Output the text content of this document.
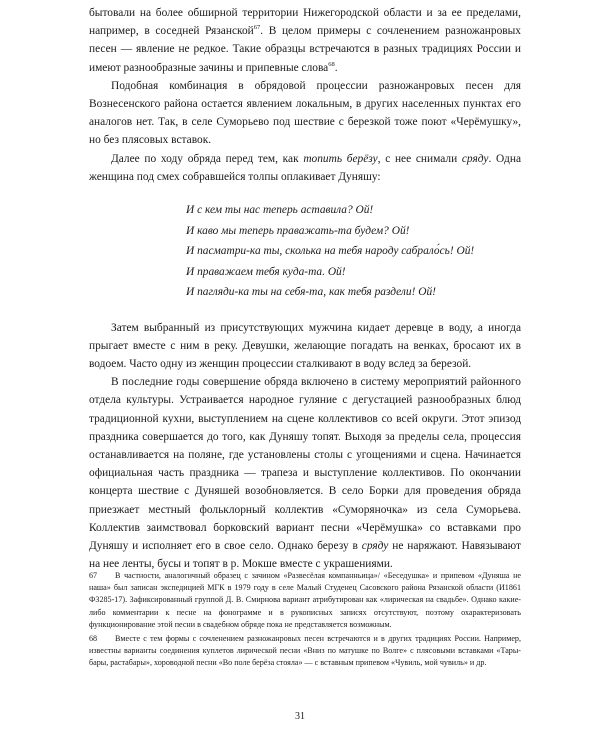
бытовали на более обширной территории Нижегородской области и за ее пределами, например, в соседней Рязанской$^{67}$. В целом примеры с сочленением разножанровых песен — явление не редкое. Такие образцы встречаются в разных традициях России и имеют разнообразные зачины и припевные слова$^{68}$.

Подобная комбинация в обрядовой процессии разножанровых песен для Вознесенского района остается явлением локальным, в других населенных пунктах его аналогов нет. Так, в селе Суморьево под шествие с березкой тоже поют «Черёмушку», но без плясовых вставок.

Далее по ходу обряда перед тем, как топить берёзу, с нее снимали сряду. Одна женщина под смех собравшейся толпы оплакивает Дуняшу:

И с кем ты нас теперь аставила? Ой!
И каво мы теперь праважать-та будем? Ой!
И пасматри-ка ты, сколька на тебя народу сабрало́сь! Ой!
И праважаем тебя куда-та. Ой!
И пагляди-ка ты на себя-та, как тебя раздели! Ой!

Затем выбранный из присутствующих мужчина кидает деревце в воду, а иногда прыгает вместе с ним в реку. Девушки, желающие погадать на венках, бросают их в водоем. Часто одну из женщин процессии сталкивают в воду вслед за березой.

В последние годы совершение обряда включено в систему мероприятий районного отдела культуры. Устраивается народное гуляние с дегустацией разнообразных блюд традиционной кухни, выступлением на сцене коллективов со всей округи. Этот эпизод праздника совершается до того, как Дуняшу топят. Выходя за пределы села, процессия останавливается на поляне, где установлены столы с угощениями и сцена. Начинается официальная часть праздника — трапеза и выступление коллективов. По окончании концерта шествие с Дуняшей возобновляется. В село Борки для проведения обряда приезжает местный фольклорный коллектив «Суморяночка» из села Суморьева. Коллектив заимствовал борковский вариант песни «Черёмушка» со вставками про Дуняшу и исполняет его в свое село. Однако березу в сряду не наряжают. Навязывают на нее ленты, бусы и топят в р. Мокше вместе с украшениями.

67 В частности, аналогичный образец с зачином «Развесёлая компанньица»/ «Беседушка» и припевом «Дуняша не наша» был записан экспедицией МГК в 1979 году в селе Малый Студенец Сасовского района Рязанской области (И1861 Ф3285-17). Зафиксированный группой Д. В. Смирнова вариант атрибутирован как «лирическая на свадьбе». Однако какие-либо комментарии к песне на фонограмме и в рукописных записях отсутствуют, поэтому охарактеризовать функционирование этой песни в свадебном обряде пока не представляется возможным.

68 Вместе с тем формы с сочленением разножанровых песен встречаются и в других традициях России. Например, известны варианты соединения куплетов лирической песни «Вниз по матушке по Волге» с плясовыми вставками «Тары-бары, растабары», хороводной песни «Во поле берёза стояла» — с вставным припевом «Чувиль, мой чувиль» и др.

31
